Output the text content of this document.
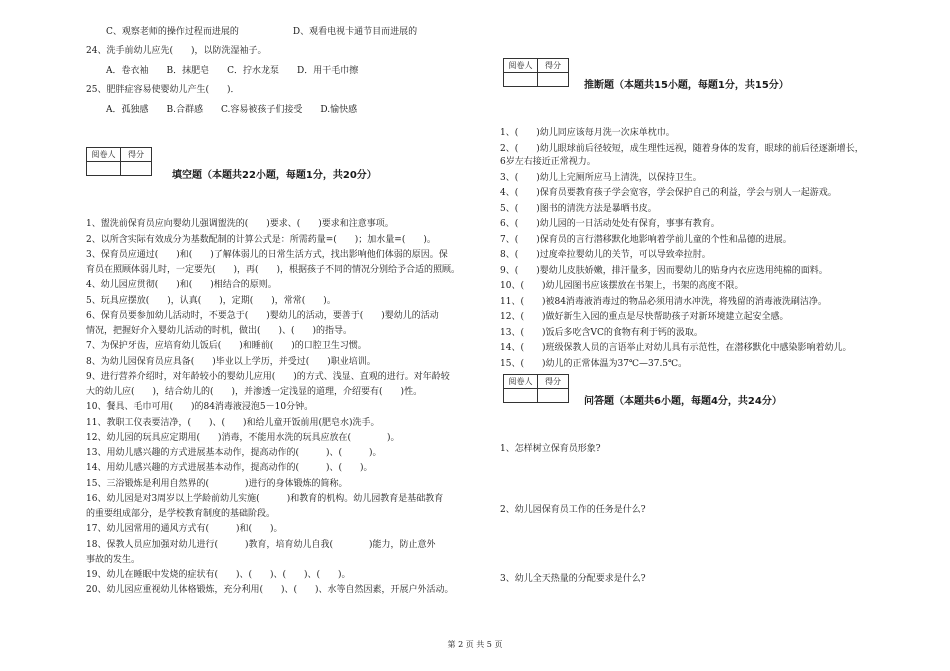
C、观察老师的操作过程而进展的　　　　　　D、观看电视卡通节目而进展的
24、洗手前幼儿应先(　　)，以防洗湿袖子。
A．卷衣袖　　B．抹肥皂　　C．拧水龙泵　　D．用干毛巾擦
25、肥胖症容易使婴幼儿产生(　　)．
A．孤独感　　B.合群感　　C.容易被孩子们接受　　D.愉快感
阅卷人	得分
填空题（本题共22小题，每题1分，共20分）
1、盥洗前保育员应向婴幼儿强调盥洗的(　　)要求、(　　)要求和注意事项。
2、以所含实际有效成分为基数配制的计算公式是：所需药量=(　　)；加水量=(　　)。
3、保育员应通过(　　)和(　　)了解体弱儿的日常生活方式，找出影响他们体弱的原因。保
育员在照顾体弱儿时，一定要先(　　)，再(　　)，根据孩子不同的情况分别给予合适的照顾。
4、幼儿园应贯彻(　　)和(　　)相结合的原则。
5、玩具应摆放(　　)，认真(　　)，定期(　　)，常常(　　)。
6、保育员要参加幼儿活动时，不要急于(　　)婴幼儿的活动，要善于(　　)婴幼儿的活动
情况，把握好介入婴幼儿活动的时机，做出(　　)、(　　)的指导。
7、为保护牙齿，应培育幼儿饭后(　　)和睡前(　　)的口腔卫生习惯。
8、为幼儿园保育员应具备(　　)毕业以上学历，并受过(　　)职业培训。
9、进行营养介绍时，对年龄较小的婴幼儿应用(　　)的方式、浅显、直观的进行。对年龄较
大的幼儿应(　　)，结合幼儿的(　　)，并渗透一定浅显的道理，介绍要有(　　)性。
10、餐具、毛巾可用(　　)的84消毒液浸泡5－10分钟。
11、教职工仪表要洁净，(　　)、(　　)和给儿童开饭前用(肥皂水)洗手。
12、幼儿园的玩具应定期用(　　)消毒，不能用水洗的玩具应放在(　　　　)。
13、用幼儿感兴趣的方式进展基本动作，提高动作的(　　　)、(　　　)。
14、用幼儿感兴趣的方式进展基本动作，提高动作的(　　　)、(　　)。
15、三浴锻炼是利用自然界的(　　　　)进行的身体锻炼的简称。
16、幼儿园是对3周岁以上学龄前幼儿实施(　　　)和教育的机构。幼儿园教育是基础教育
的重要组成部分，是学校教育制度的基础阶段。
17、幼儿园常用的通风方式有(　　　)和(　　)。
18、保教人员应加强对幼儿进行(　　　)教育，培育幼儿自我(　　　　)能力，防止意外
事故的发生。
19、幼儿在睡眠中发烧的症状有(　　)、(　　)、(　　)、(　　)。
20、幼儿园应重视幼儿体格锻炼，充分利用(　　)、(　　)、水等自然因素，开展户外活动。
阅卷人	得分
推断题（本题共15小题，每题1分，共15分）
1、(　　)幼儿同应该每月洗一次床单枕巾。
2、(　　)幼儿眼球前后径较短，成生理性远视，随着身体的发育，眼球的前后径逐渐增长，
6岁左右接近正常视力。
3、(　　)幼儿上完厕所应马上清洗，以保持卫生。
4、(　　)保育员要教育孩子学会宽容，学会保护自己的利益，学会与别人一起游戏。
5、(　　)图书的清洗方法是暴晒书皮。
6、(　　)幼儿园的一日活动处处有保育，事事有教育。
7、(　　)保育员的言行潜移默化地影响着学前儿童的个性和品德的进展。
8、(　　)过度牵拉婴幼儿的关节，可以导致牵拉肘。
9、(　　)婴幼儿皮肤娇嫩，排汗量多，因而婴幼儿的贴身内衣应选用纯棉的面料。
10、(　　)幼儿园图书应该摆放在书架上，书架的高度不限。
11、(　　)被84消毒液消毒过的物品必须用清水冲洗，将残留的消毒液洗刷洁净。
12、(　　)做好新生入园的重点是尽快帮助孩子对新环境建立起安全感。
13、(　　)饭后多吃含VC的食物有利于钙的汲取。
14、(　　)班级保教人员的言语举止对幼儿具有示范性，在潜移默化中感染影响着幼儿。
15、(　　)幼儿的正常体温为37℃—37.5℃。
阅卷人	得分
问答题（本题共6小题，每题4分，共24分）
1、怎样树立保育员形象?
2、幼儿园保育员工作的任务是什么?
3、幼儿全天热量的分配要求是什么?
第 2 页 共 5 页
